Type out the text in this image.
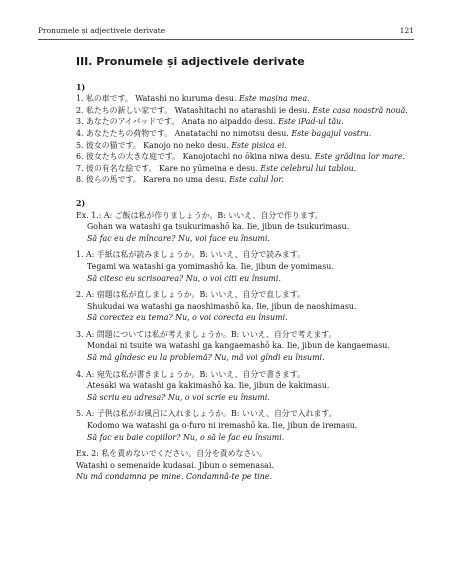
Pronumele și adjectivele derivate	121
III. Pronumele și adjectivele derivate
1)
1. 私の車です。 Watashi no kuruma desu. Este mașina mea.
2. 私たちの新しい家です。 Watashitachi no atarashii ie desu. Este casa noastră nouă.
3. あなたのアイパッドです。 Anata no aipaddo desu. Este iPad-ul tău.
4. あなたたちの荷物です。 Anatatachi no nimotsu desu. Este bagajul vostru.
5. 彼女の猫です。 Kanojo no neko desu. Este pisica ei.
6. 彼女たちの大きな庭です。 Kanojotachi no ōkina niwa desu. Este grădina lor mare.
7. 彼の有名な絵です。 Kare no yūmeina e desu. Este celebrul lui tablou.
8. 彼らの馬です。 Karera no uma desu. Este calul lor.
2)
Ex. 1.: A: ご飯は私が作りましょうか。B: いいえ、自分で作ります。
Gohan wa watashi ga tsukurimashō ka. Iie, jibun de tsukurimasu.
Să fac eu de mîncare? Nu, voi face eu însumi.
1. A: 手紙は私が読みましょうか。B: いいえ、自分で読みます。
Tegami wa watashi ga yomimashō ka. Iie, jibun de yomimasu.
Să citesc eu scrisoarea? Nu, o voi citi eu însumi.
2. A: 宿題は私が直しましょうか。B: いいえ、自分で直します。
Shukudai wa watashi ga naoshimashō ka. Iie, jibun de naoshimasu.
Să corectez eu tema? Nu, o voi corecta eu însumi.
3. A: 問題については私が考えましょうか。B: いいえ、自分で考えます。
Mondai ni tsuite wa watashi ga kangaemashō ka. Iie, jibun de kangaemasu.
Să mă gîndesc eu la problemă? Nu, mă voi gîndi eu însumi.
4. A: 宛先は私が書きましょうか。B: いいえ、自分で書きます。
Atesaki wa watashi ga kakimashō ka. Iie, jibun de kakimasu.
Să scriu eu adresa? Nu, o voi scrie eu însumi.
5. A: 子供は私がお風呂に入れましょうか。B: いいえ、自分で入れます。
Kodomo wa watashi ga o-furo ni iremashō ka. Iie, jibun de iremasu.
Să fac eu baie copiilor? Nu, o să le fac eu însumi.
Ex. 2: 私を責めないでください。自分を責めなさい。
Watashi o semenaide kudasai. Jibun o semenasai.
Nu mă condamna pe mine. Condamnă-te pe tine.
